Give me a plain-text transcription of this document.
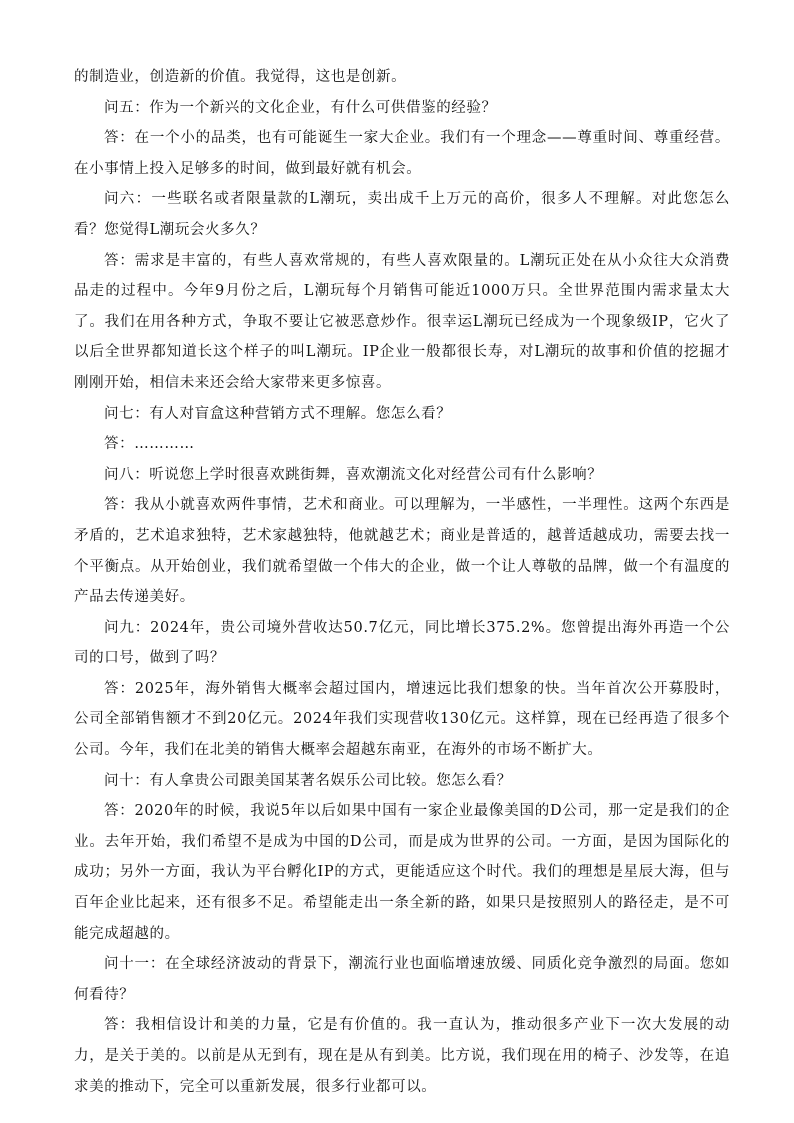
的制造业，创造新的价值。我觉得，这也是创新。

问五：作为一个新兴的文化企业，有什么可供借鉴的经验？

答：在一个小的品类，也有可能诞生一家大企业。我们有一个理念——尊重时间、尊重经营。在小事情上投入足够多的时间，做到最好就有机会。

问六：一些联名或者限量款的L潮玩，卖出成千上万元的高价，很多人不理解。对此您怎么看？您觉得L潮玩会火多久？

答：需求是丰富的，有些人喜欢常规的，有些人喜欢限量的。L潮玩正处在从小众往大众消费品走的过程中。今年9月份之后，L潮玩每个月销售可能近1000万只。全世界范围内需求量太大了。我们在用各种方式，争取不要让它被恶意炒作。很幸运L潮玩已经成为一个现象级IP，它火了以后全世界都知道长这个样子的叫L潮玩。IP企业一般都很长寿，对L潮玩的故事和价值的挖掘才刚刚开始，相信未来还会给大家带来更多惊喜。

问七：有人对盲盒这种营销方式不理解。您怎么看？

答：…………

问八：听说您上学时很喜欢跳街舞，喜欢潮流文化对经营公司有什么影响？

答：我从小就喜欢两件事情，艺术和商业。可以理解为，一半感性，一半理性。这两个东西是矛盾的，艺术追求独特，艺术家越独特，他就越艺术；商业是普适的，越普适越成功，需要去找一个平衡点。从开始创业，我们就希望做一个伟大的企业，做一个让人尊敬的品牌，做一个有温度的产品去传递美好。

问九：2024年，贵公司境外营收达50.7亿元，同比增长375.2%。您曾提出海外再造一个公司的口号，做到了吗？

答：2025年，海外销售大概率会超过国内，增速远比我们想象的快。当年首次公开募股时，公司全部销售额才不到20亿元。2024年我们实现营收130亿元。这样算，现在已经再造了很多个公司。今年，我们在北美的销售大概率会超越东南亚，在海外的市场不断扩大。

问十：有人拿贵公司跟美国某著名娱乐公司比较。您怎么看？

答：2020年的时候，我说5年以后如果中国有一家企业最像美国的D公司，那一定是我们的企业。去年开始，我们希望不是成为中国的D公司，而是成为世界的公司。一方面，是因为国际化的成功；另外一方面，我认为平台孵化IP的方式，更能适应这个时代。我们的理想是星辰大海，但与百年企业比起来，还有很多不足。希望能走出一条全新的路，如果只是按照别人的路径走，是不可能完成超越的。

问十一：在全球经济波动的背景下，潮流行业也面临增速放缓、同质化竞争激烈的局面。您如何看待？

答：我相信设计和美的力量，它是有价值的。我一直认为，推动很多产业下一次大发展的动力，是关于美的。以前是从无到有，现在是从有到美。比方说，我们现在用的椅子、沙发等，在追求美的推动下，完全可以重新发展，很多行业都可以。
